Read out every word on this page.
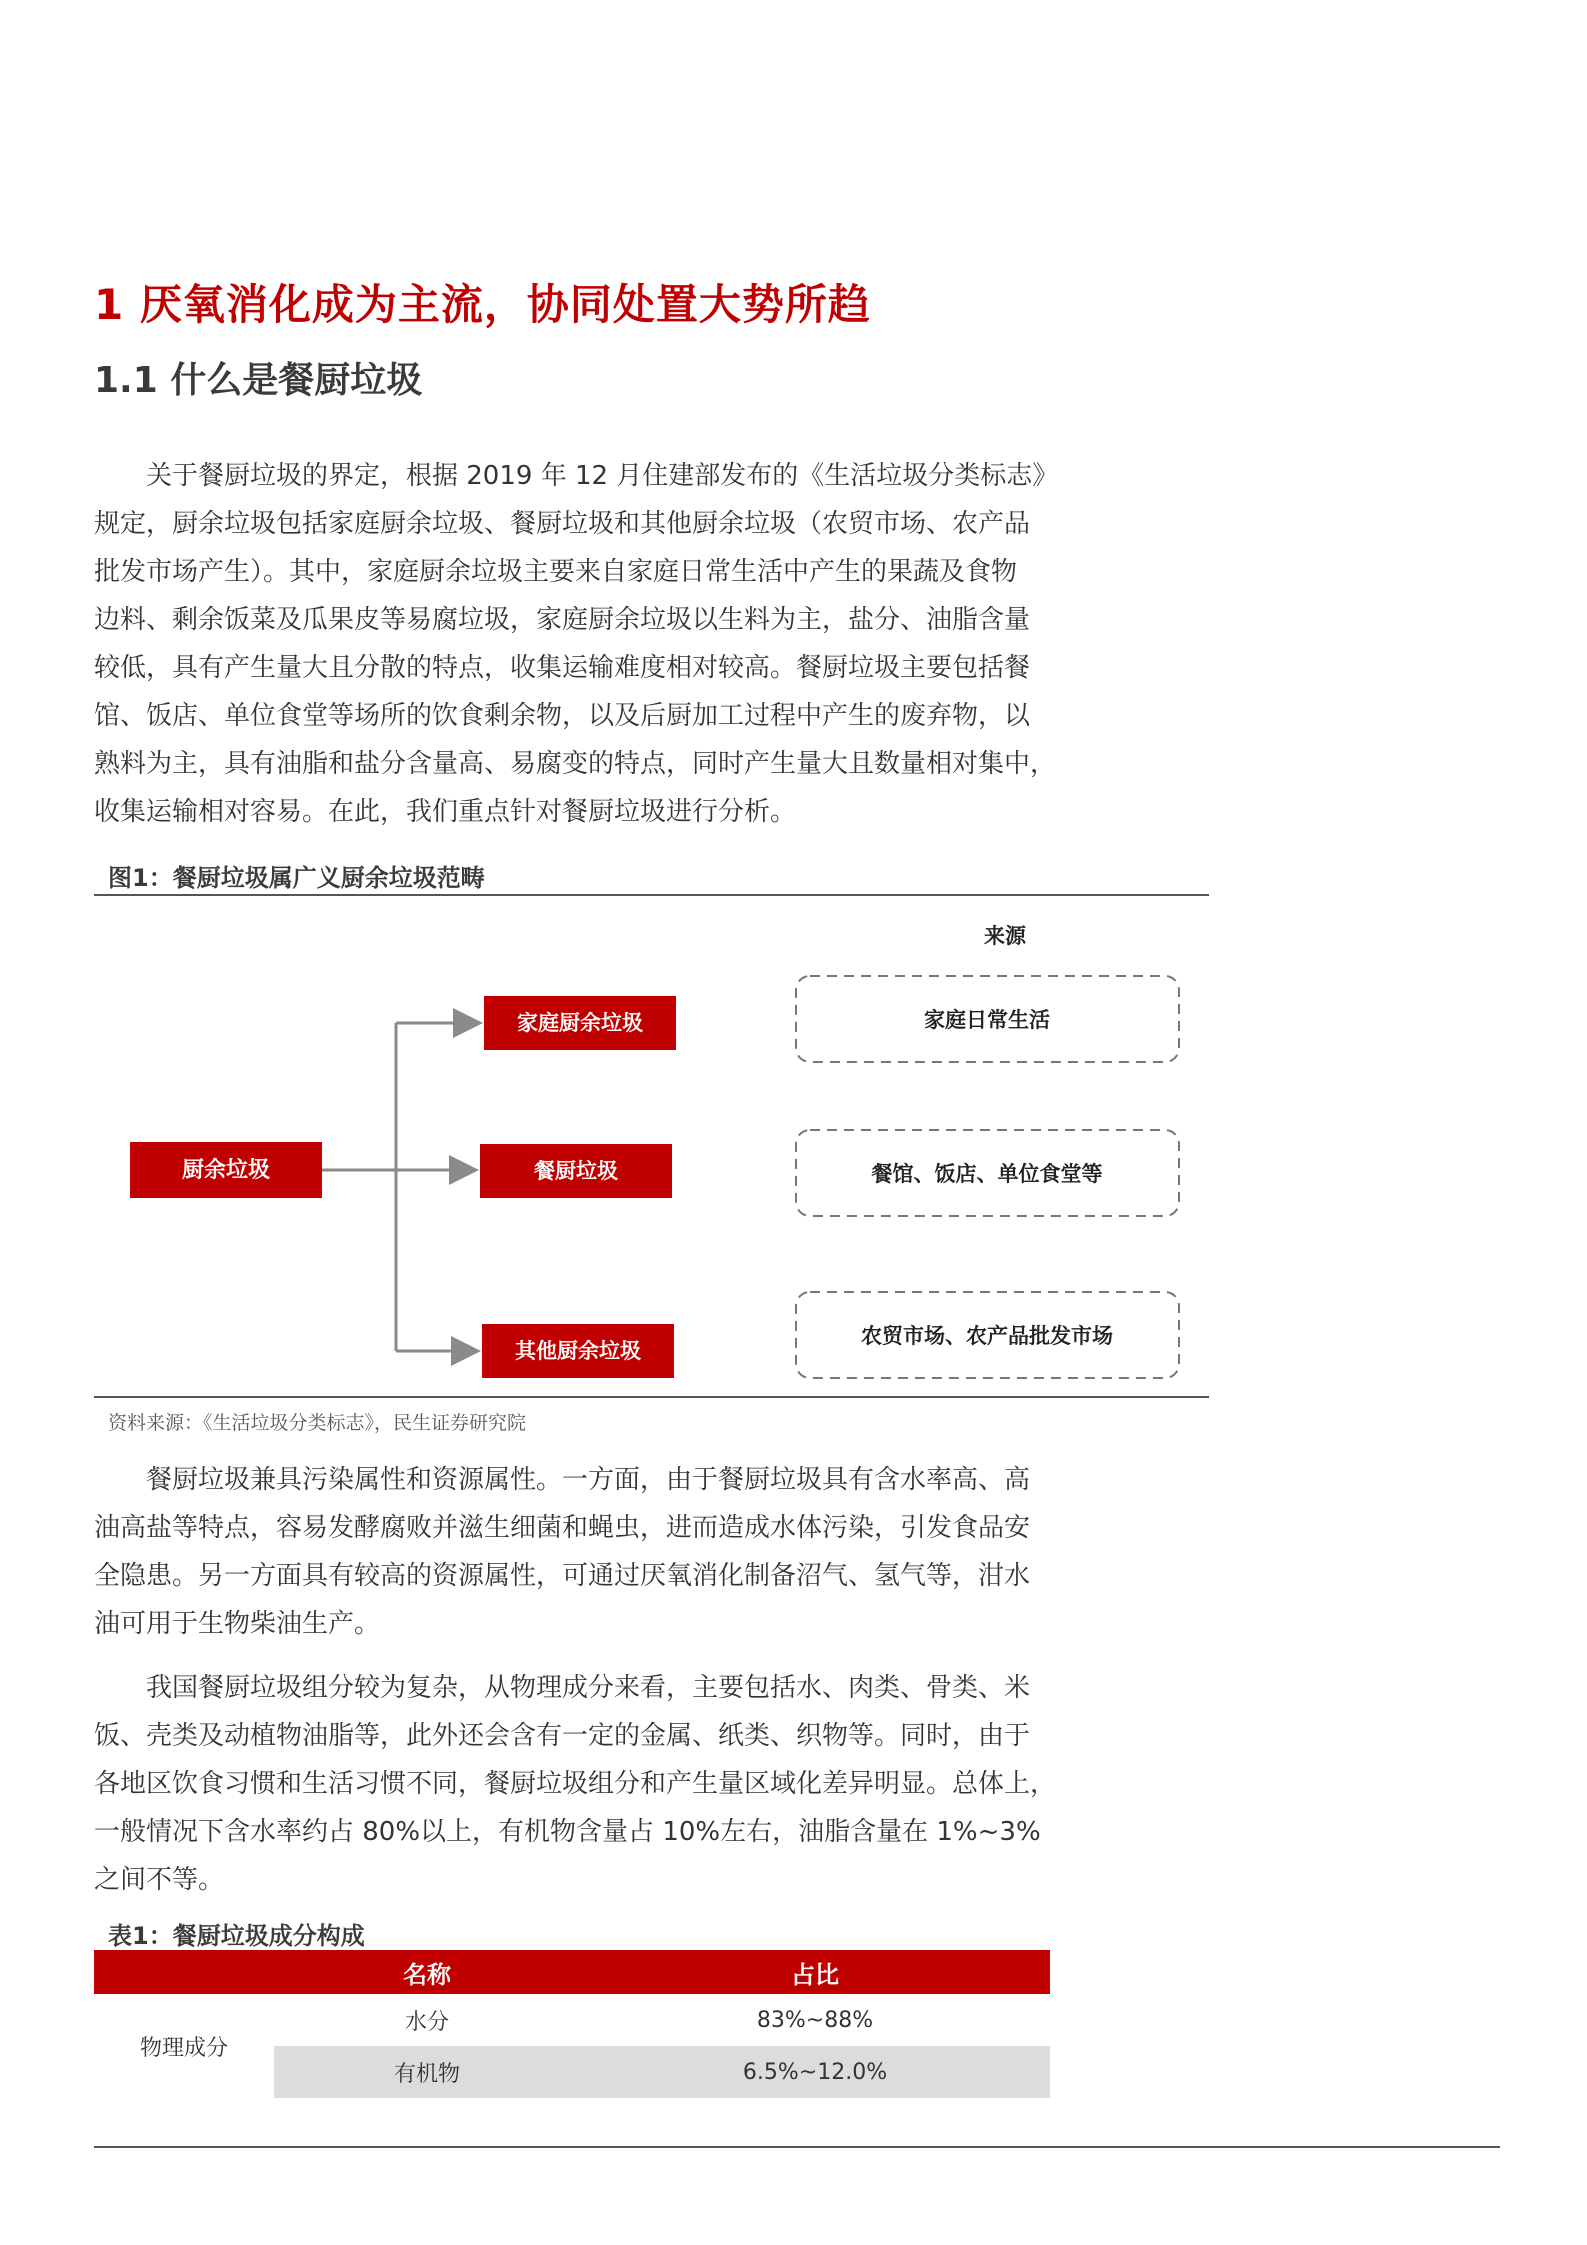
1 厌氧消化成为主流，协同处置大势所趋
1.1 什么是餐厨垃圾
关于餐厨垃圾的界定，根据 2019 年 12 月住建部发布的《生活垃圾分类标志》
规定，厨余垃圾包括家庭厨余垃圾、餐厨垃圾和其他厨余垃圾（农贸市场、农产品
批发市场产生）。其中，家庭厨余垃圾主要来自家庭日常生活中产生的果蔬及食物
边料、剩余饭菜及瓜果皮等易腐垃圾，家庭厨余垃圾以生料为主，盐分、油脂含量
较低，具有产生量大且分散的特点，收集运输难度相对较高。餐厨垃圾主要包括餐
馆、饭店、单位食堂等场所的饮食剩余物，以及后厨加工过程中产生的废弃物，以
熟料为主，具有油脂和盐分含量高、易腐变的特点，同时产生量大且数量相对集中，
收集运输相对容易。在此，我们重点针对餐厨垃圾进行分析。

图1：餐厨垃圾属广义厨余垃圾范畴

厨余垃圾
家庭厨余垃圾
餐厨垃圾
其他厨余垃圾
来源
家庭日常生活
餐馆、饭店、单位食堂等
农贸市场、农产品批发市场

资料来源：《生活垃圾分类标志》，民生证券研究院

餐厨垃圾兼具污染属性和资源属性。一方面，由于餐厨垃圾具有含水率高、高
油高盐等特点，容易发酵腐败并滋生细菌和蝇虫，进而造成水体污染，引发食品安
全隐患。另一方面具有较高的资源属性，可通过厌氧消化制备沼气、氢气等，泔水
油可用于生物柴油生产。
我国餐厨垃圾组分较为复杂，从物理成分来看，主要包括水、肉类、骨类、米
饭、壳类及动植物油脂等，此外还会含有一定的金属、纸类、织物等。同时，由于
各地区饮食习惯和生活习惯不同，餐厨垃圾组分和产生量区域化差异明显。总体上，
一般情况下含水率约占 80%以上，有机物含量占 10%左右，油脂含量在 1%~3%
之间不等。

表1：餐厨垃圾成分构成

	名称	占比
物理成分	水分	83%~88%
	有机物	6.5%~12.0%
